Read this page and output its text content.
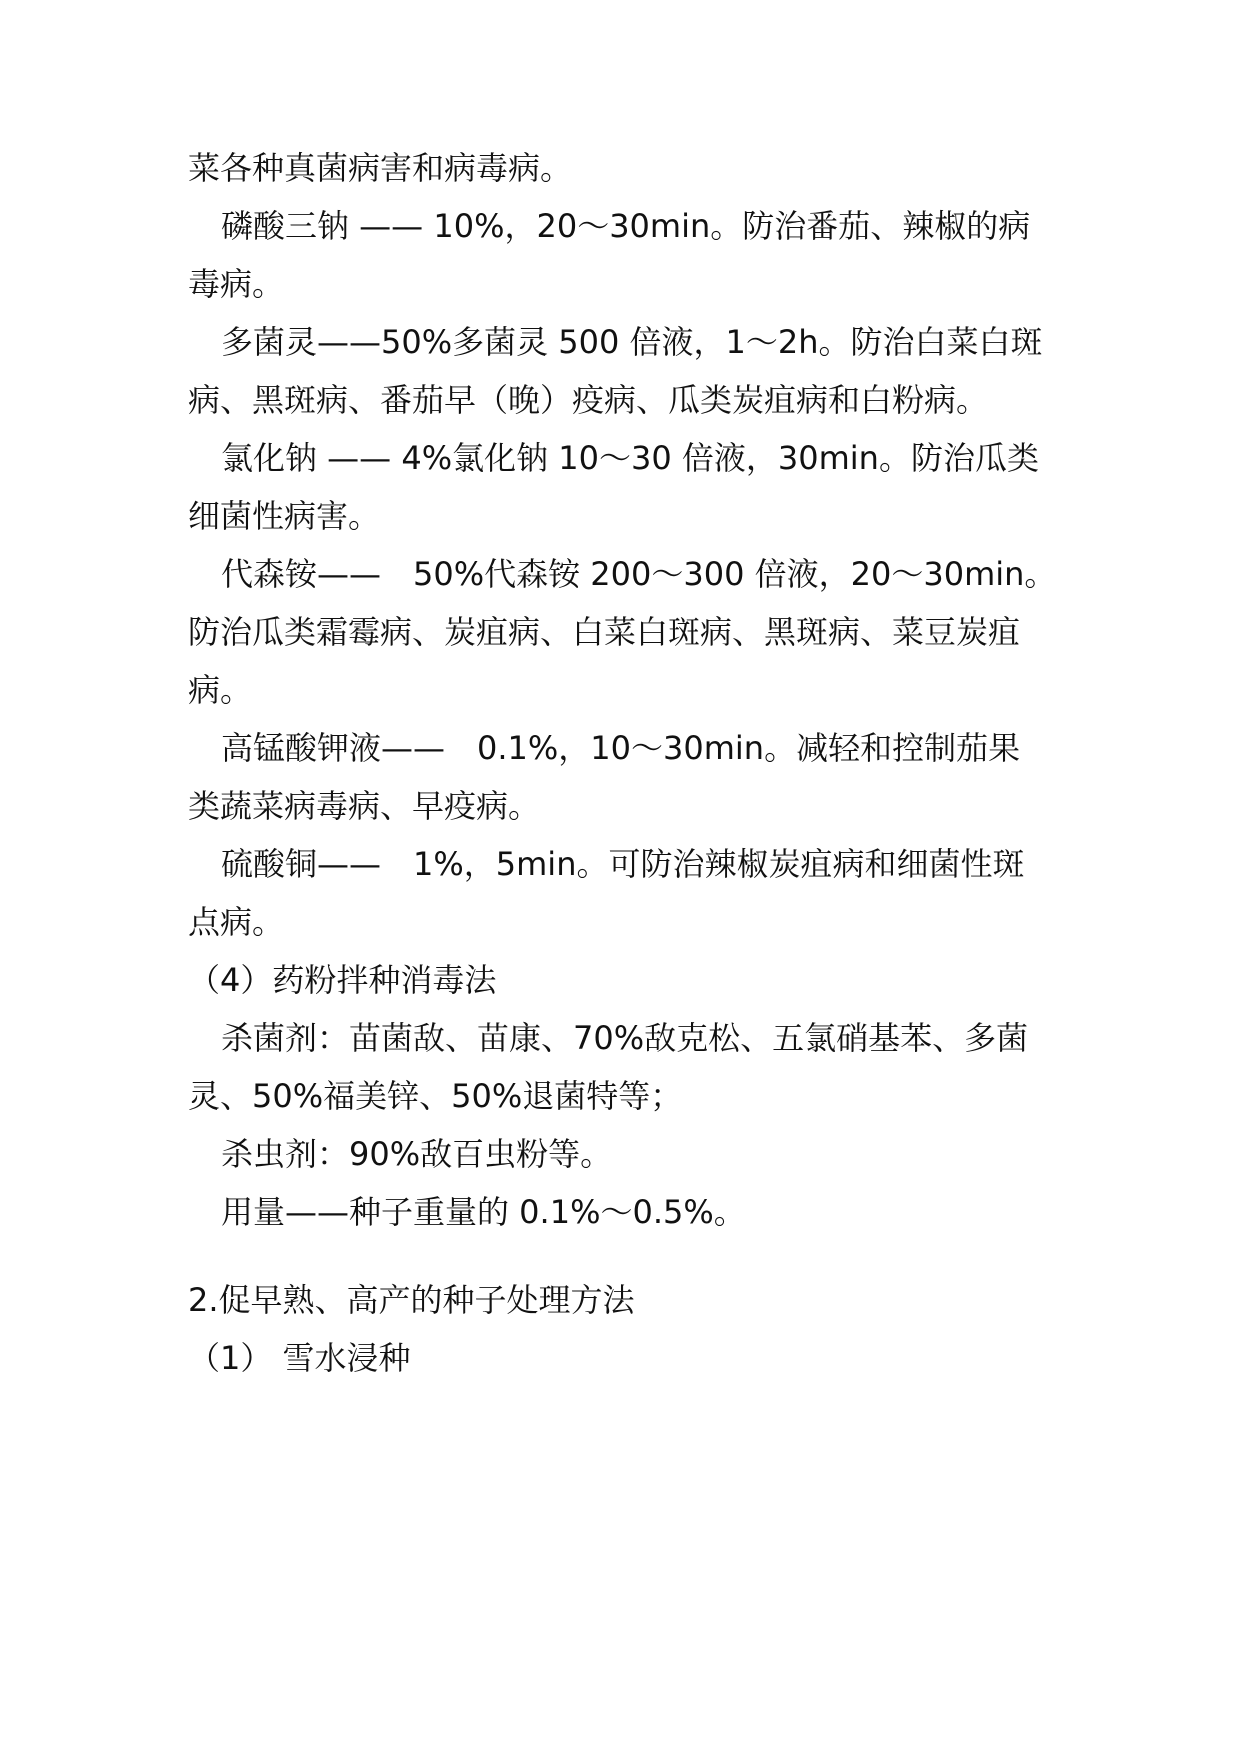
菜各种真菌病害和病毒病。
磷酸三钠 —— 10%，20～30min。防治番茄、辣椒的病
毒病。
多菌灵——50%多菌灵 500 倍液，1～2h。防治白菜白斑
病、黑斑病、番茄早（晚）疫病、瓜类炭疽病和白粉病。
氯化钠 —— 4%氯化钠 10～30 倍液，30min。防治瓜类
细菌性病害。
代森铵——　50%代森铵 200～300 倍液，20～30min。
防治瓜类霜霉病、炭疽病、白菜白斑病、黑斑病、菜豆炭疽
病。
高锰酸钾液——　0.1%，10～30min。减轻和控制茄果
类蔬菜病毒病、早疫病。
硫酸铜——　1%，5min。可防治辣椒炭疽病和细菌性斑
点病。
（4）药粉拌种消毒法
杀菌剂：苗菌敌、苗康、70%敌克松、五氯硝基苯、多菌
灵、50%福美锌、50%退菌特等；
杀虫剂：90%敌百虫粉等。
用量——种子重量的 0.1%～0.5%。
2.促早熟、高产的种子处理方法
（1） 雪水浸种
